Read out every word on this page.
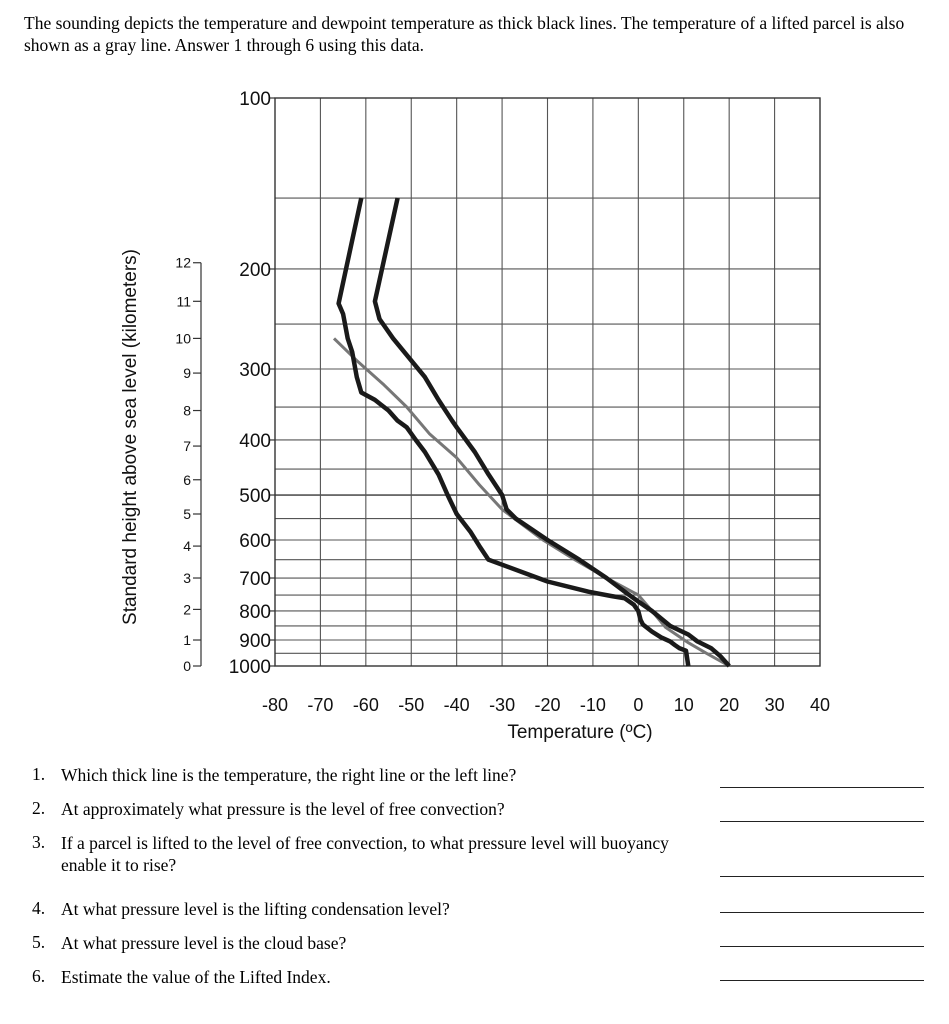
The sounding depicts the temperature and dewpoint temperature as thick black lines. The temperature of a lifted parcel is also shown as a gray line. Answer 1 through 6 using this data.
100
200
300
400
500
600
700
800
900
1000
-80 -70 -60 -50 -40 -30 -20 -10 0 10 20 30 40
0
1
2
3
4
5
6
7
8
9
10
11
12
Temperature (ºC)
Standard height above sea level (kilometers)
1. Which thick line is the temperature, the right line or the left line?
2. At approximately what pressure is the level of free convection?
3. If a parcel is lifted to the level of free convection, to what pressure level will buoyancy enable it to rise?
4. At what pressure level is the lifting condensation level?
5. At what pressure level is the cloud base?
6. Estimate the value of the Lifted Index.
